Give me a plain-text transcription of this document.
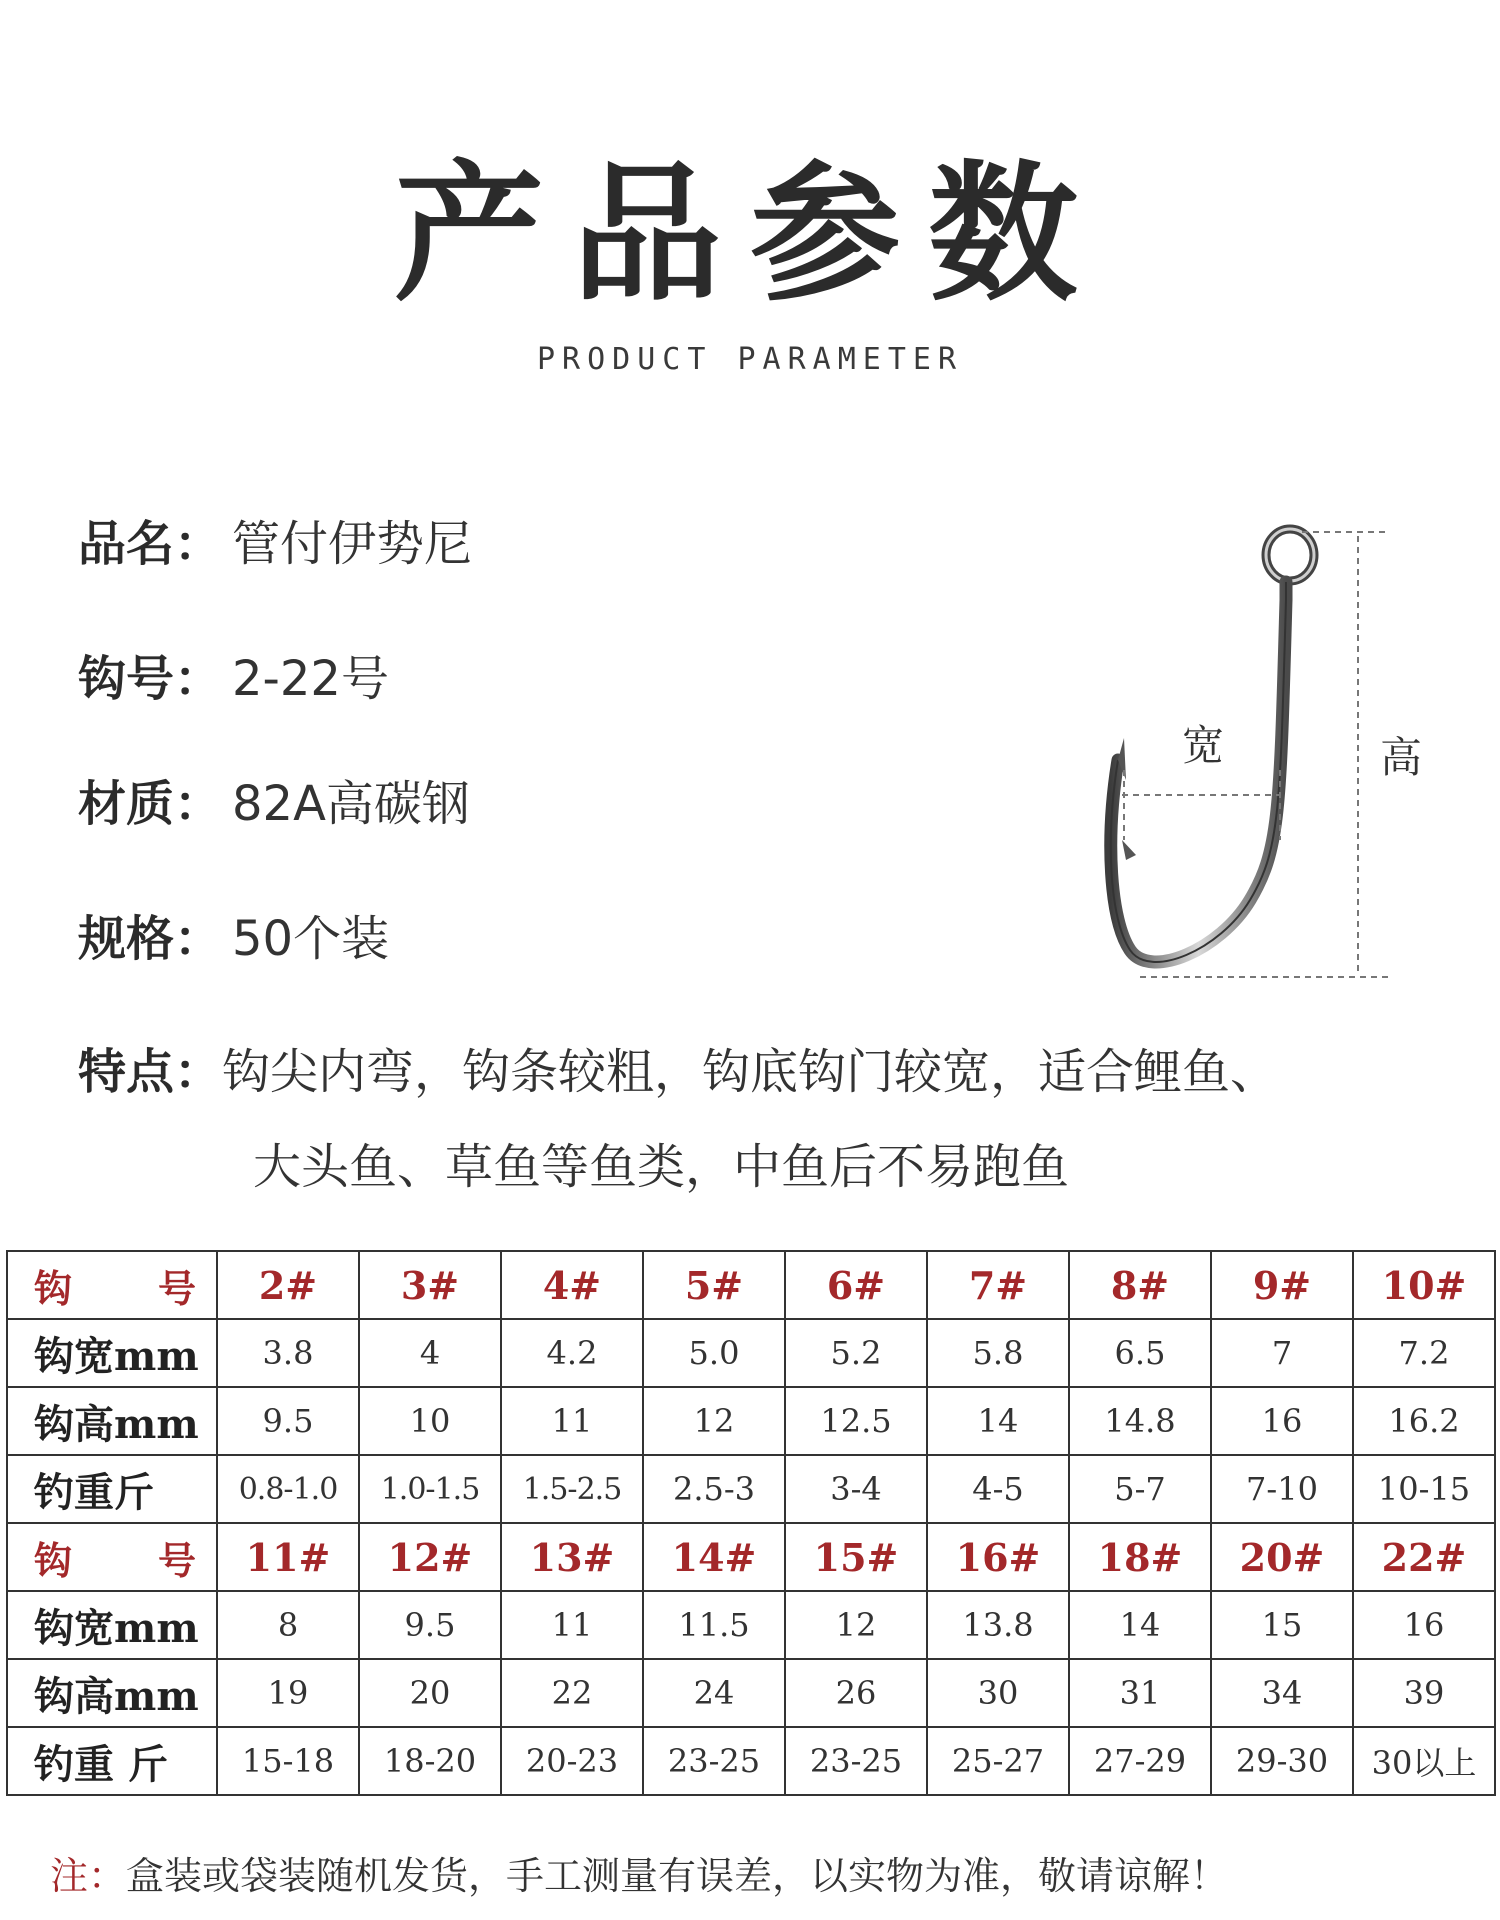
产品参数
PRODUCT PARAMETER
品名： 管付伊势尼
钩号： 2-22号
材质： 82A高碳钢
规格： 50个装
特点：钩尖内弯，钩条较粗，钩底钩门较宽，适合鲤鱼、
大头鱼、草鱼等鱼类，中鱼后不易跑鱼
宽	高
钩　号	2#	3#	4#	5#	6#	7#	8#	9#	10#
钩宽mm	3.8	4	4.2	5.0	5.2	5.8	6.5	7	7.2
钩高mm	9.5	10	11	12	12.5	14	14.8	16	16.2
钓重斤	0.8-1.0	1.0-1.5	1.5-2.5	2.5-3	3-4	4-5	5-7	7-10	10-15
钩　号	11#	12#	13#	14#	15#	16#	18#	20#	22#
钩宽mm	8	9.5	11	11.5	12	13.8	14	15	16
钩高mm	19	20	22	24	26	30	31	34	39
钓重 斤	15-18	18-20	20-23	23-25	23-25	25-27	27-29	29-30	30以上
注：盒装或袋装随机发货，手工测量有误差，以实物为准，敬请谅解！
